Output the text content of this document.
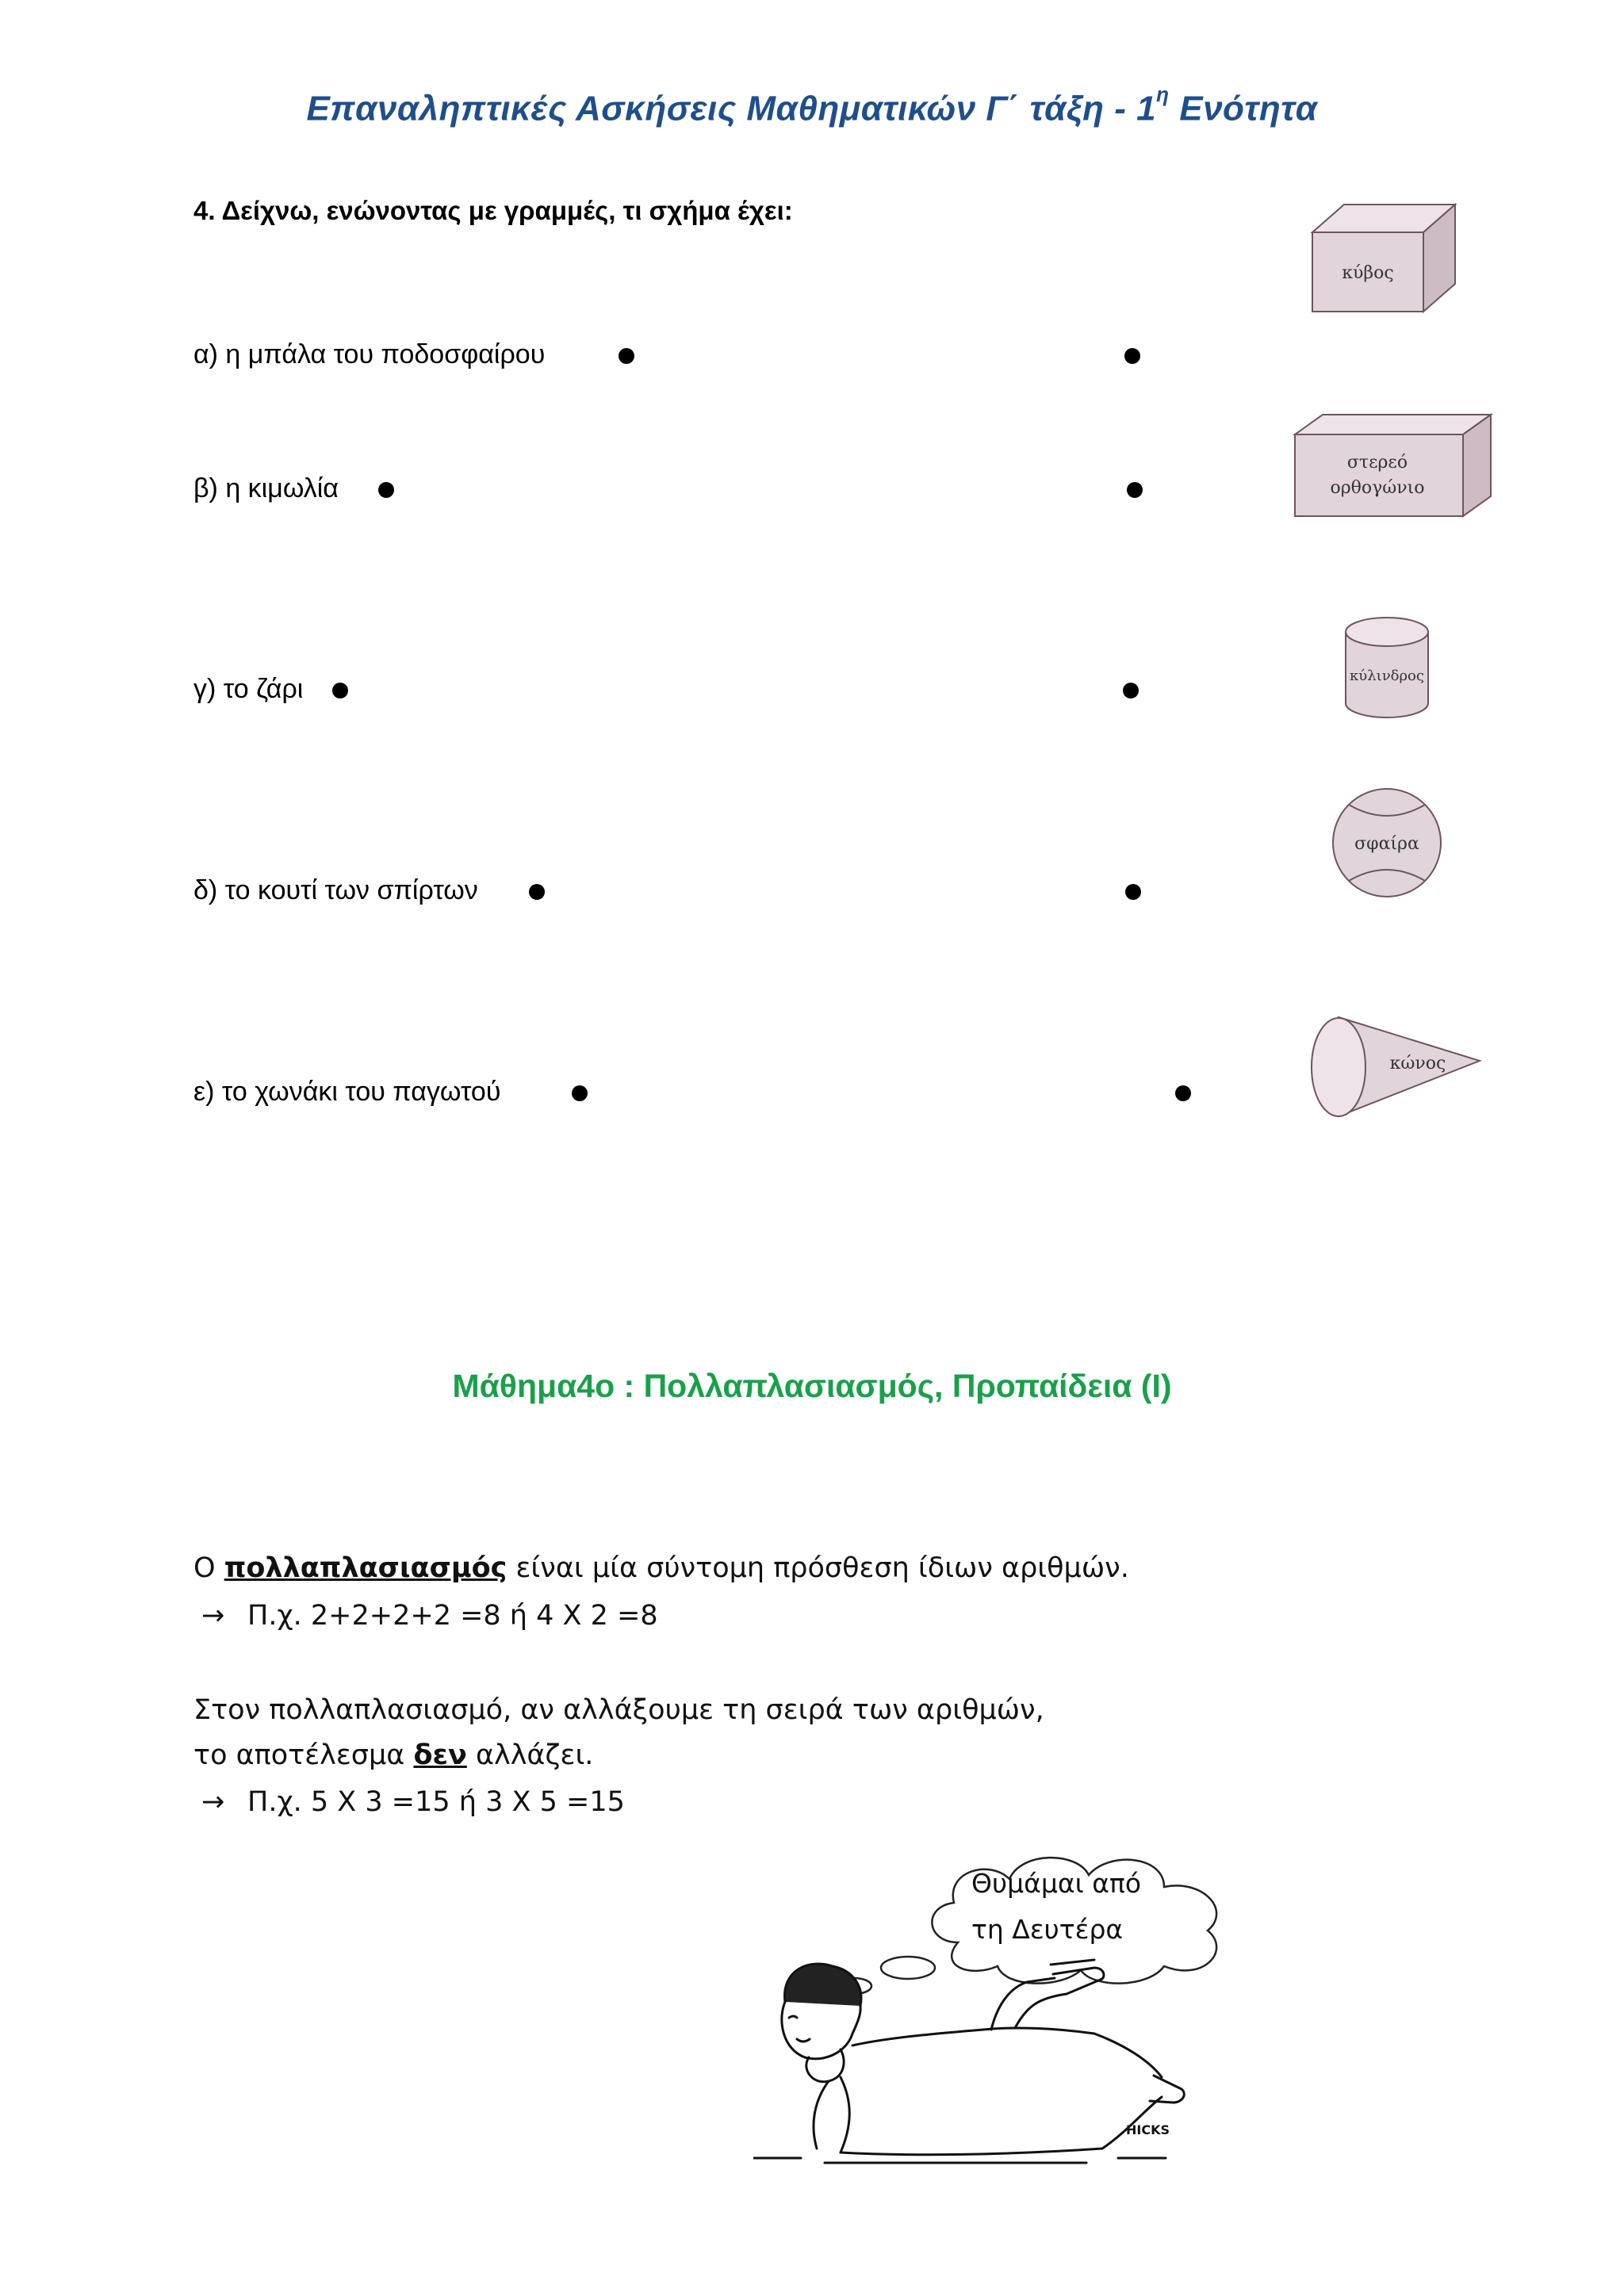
Επαναληπτικές Ασκήσεις Μαθηματικών Γ΄ τάξη - $1^\eta$ Ενότητα
4. Δείχνω, ενώνοντας με γραμμές, τι σχήμα έχει:
α) η μπάλα του ποδοσφαίρου
β) η κιμωλία
γ) το ζάρι
δ) το κουτί των σπίρτων
ε) το χωνάκι του παγωτού
κύβος
στερεό
ορθογώνιο
κύλινδρος
σφαίρα
κώνος
Μάθημα4ο : Πολλαπλασιασμός, Προπαίδεια (Ι)
Ο πολλαπλασιασμός είναι μία σύντομη πρόσθεση ίδιων αριθμών.
→ Π.χ. 2+2+2+2 =8 ή 4 Χ 2 =8
Στον πολλαπλασιασμό, αν αλλάξουμε τη σειρά των αριθμών,
το αποτέλεσμα δεν αλλάζει.
→ Π.χ. 5 Χ 3 =15 ή 3 Χ 5 =15
Θυμάμαι από
τη Δευτέρα
HICKS
